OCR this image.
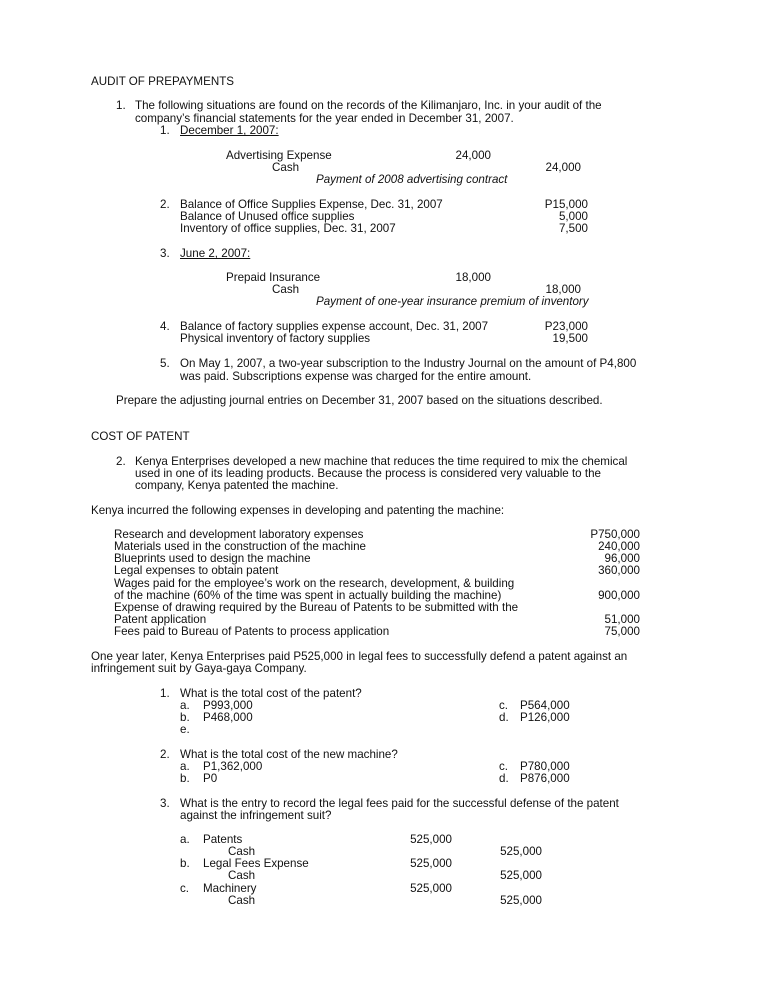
AUDIT OF PREPAYMENTS
1. The following situations are found on the records of the Kilimanjaro, Inc. in your audit of the
company’s financial statements for the year ended in December 31, 2007.
1. December 1, 2007:
Advertising Expense	24,000
Cash	24,000
Payment of 2008 advertising contract
2. Balance of Office Supplies Expense, Dec. 31, 2007	P15,000
Balance of Unused office supplies	5,000
Inventory of office supplies, Dec. 31, 2007	7,500
3. June 2, 2007:
Prepaid Insurance	18,000
Cash	18,000
Payment of one-year insurance premium of inventory
4. Balance of factory supplies expense account, Dec. 31, 2007	P23,000
Physical inventory of factory supplies	19,500
5. On May 1, 2007, a two-year subscription to the Industry Journal on the amount of P4,800
was paid. Subscriptions expense was charged for the entire amount.
Prepare the adjusting journal entries on December 31, 2007 based on the situations described.
COST OF PATENT
2. Kenya Enterprises developed a new machine that reduces the time required to mix the chemical
used in one of its leading products. Because the process is considered very valuable to the
company, Kenya patented the machine.
Kenya incurred the following expenses in developing and patenting the machine:
Research and development laboratory expenses	P750,000
Materials used in the construction of the machine	240,000
Blueprints used to design the machine	96,000
Legal expenses to obtain patent	360,000
Wages paid for the employee’s work on the research, development, & building
of the machine (60% of the time was spent in actually building the machine)	900,000
Expense of drawing required by the Bureau of Patents to be submitted with the
Patent application	51,000
Fees paid to Bureau of Patents to process application	75,000
One year later, Kenya Enterprises paid P525,000 in legal fees to successfully defend a patent against an
infringement suit by Gaya-gaya Company.
1. What is the total cost of the patent?
a. P993,000
b. P468,000
e.
c. P564,000
d. P126,000
2. What is the total cost of the new machine?
a. P1,362,000
b. P0
c. P780,000
d. P876,000
3. What is the entry to record the legal fees paid for the successful defense of the patent
against the infringement suit?
a. Patents	525,000
Cash	525,000
b. Legal Fees Expense	525,000
Cash	525,000
c. Machinery	525,000
Cash	525,000
